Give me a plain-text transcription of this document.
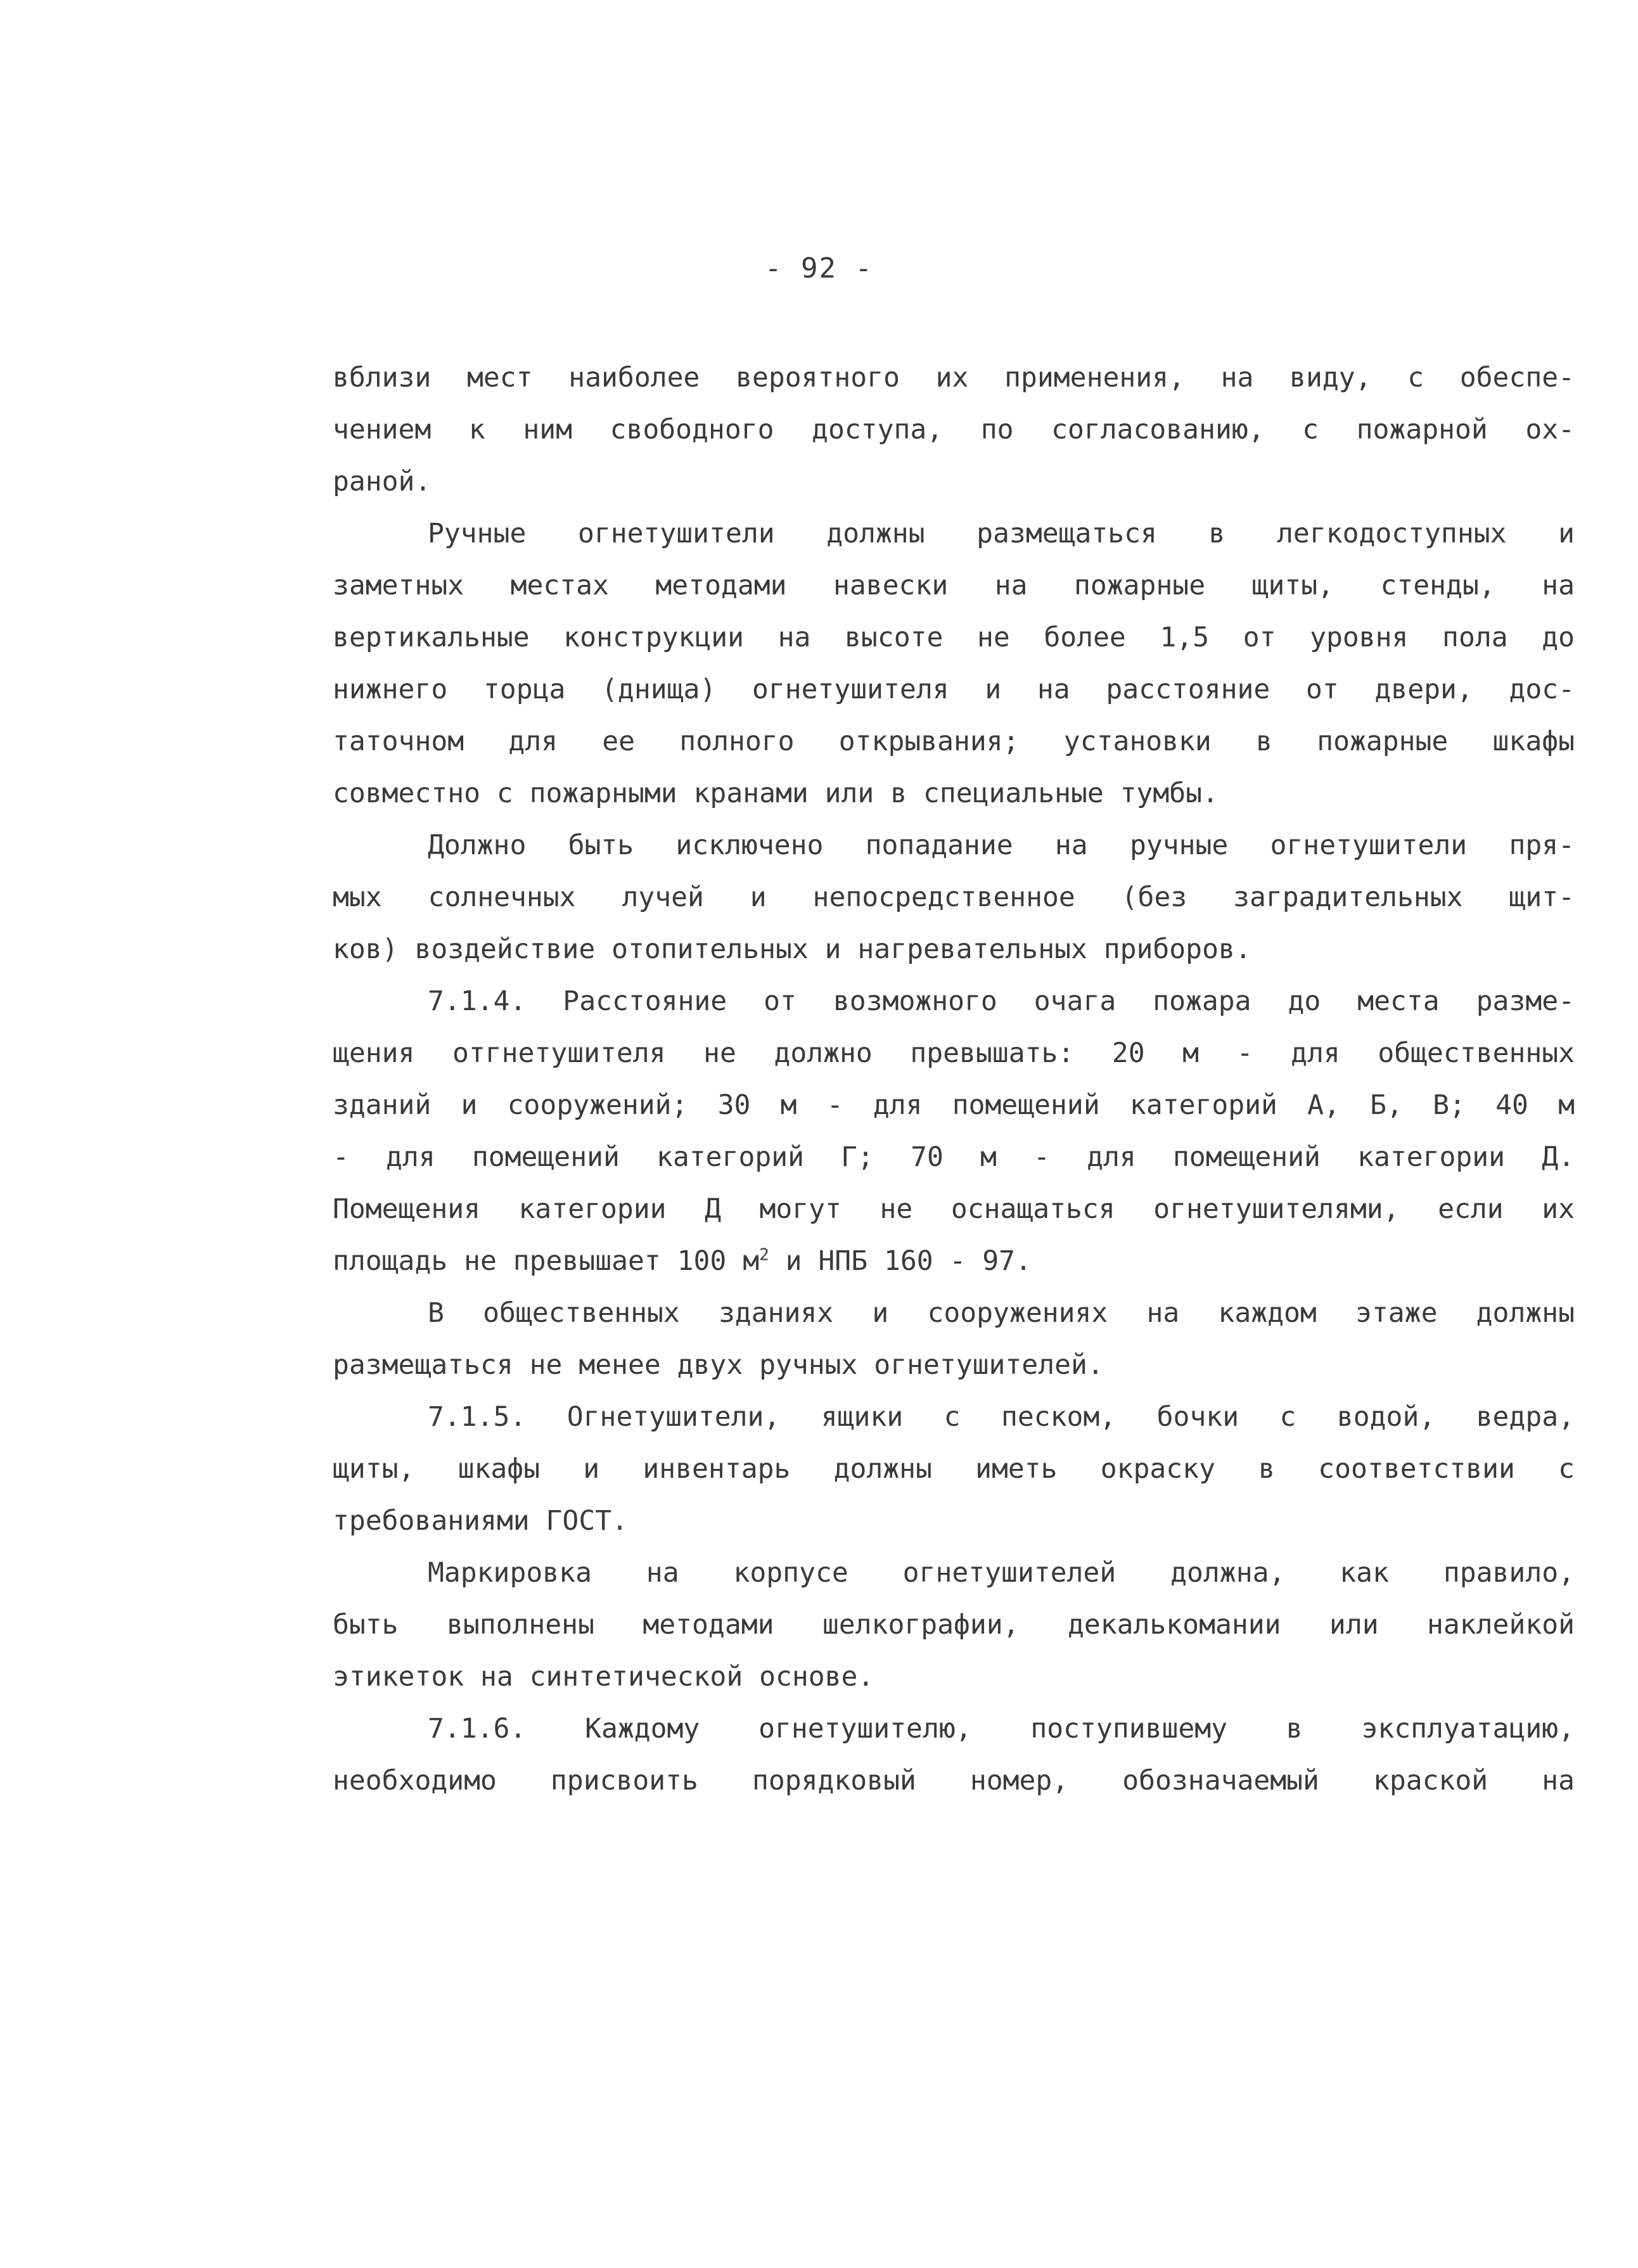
- 92 -
вблизи мест наиболее вероятного их применения, на виду, с обеспе-
чением к ним свободного доступа, по согласованию, с пожарной ох-
раной.
Ручные огнетушители должны размещаться в легкодоступных и
заметных местах методами навески на пожарные щиты, стенды, на
вертикальные конструкции на высоте не более 1,5 от уровня пола до
нижнего торца (днища) огнетушителя и на расстояние от двери, дос-
таточном для ее полного открывания; установки в пожарные шкафы
совместно с пожарными кранами или в специальные тумбы.
Должно быть исключено попадание на ручные огнетушители пря-
мых солнечных лучей и непосредственное (без заградительных щит-
ков) воздействие отопительных и нагревательных приборов.
7.1.4. Расстояние от возможного очага пожара до места разме-
щения отгнетушителя не должно превышать: 20 м - для общественных
зданий и сооружений; 30 м - для помещений категорий А, Б, В; 40 м
- для помещений категорий Г; 70 м - для помещений категории Д.
Помещения категории Д могут не оснащаться огнетушителями, если их
площадь не превышает 100 $м^2$ и НПБ 160 - 97.
В общественных зданиях и сооружениях на каждом этаже должны
размещаться не менее двух ручных огнетушителей.
7.1.5. Огнетушители, ящики с песком, бочки с водой, ведра,
щиты, шкафы и инвентарь должны иметь окраску в соответствии с
требованиями ГОСТ.
Маркировка на корпусе огнетушителей должна, как правило,
быть выполнены методами шелкографии, декалькомании или наклейкой
этикеток на синтетической основе.
7.1.6. Каждому огнетушителю, поступившему в эксплуатацию,
необходимо присвоить порядковый номер, обозначаемый краской на
